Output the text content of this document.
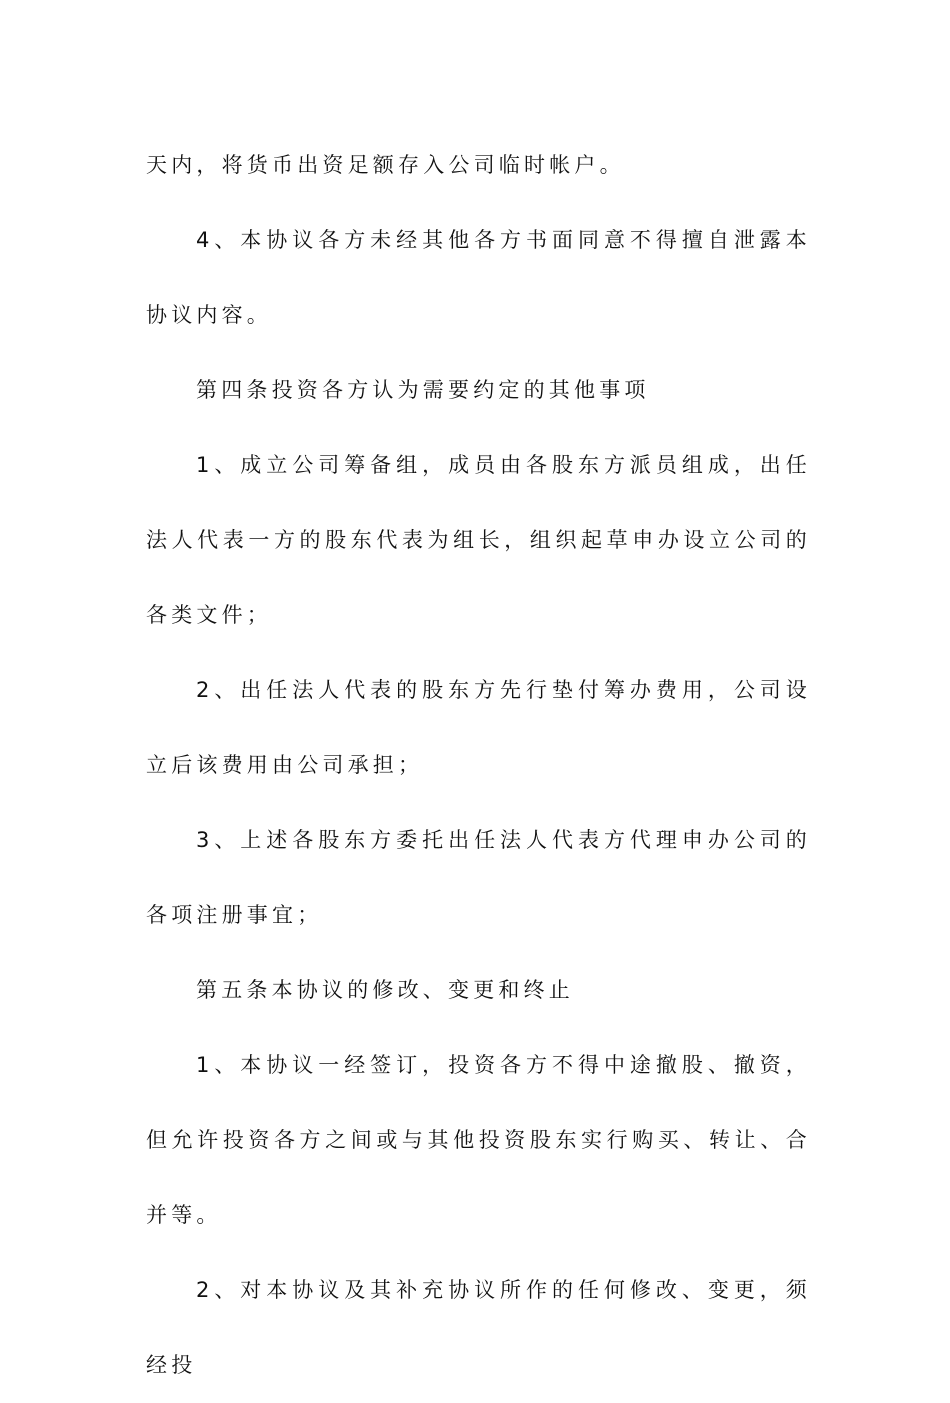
天内，将货币出资足额存入公司临时帐户。

4、本协议各方未经其他各方书面同意不得擅自泄露本协议内容。

第四条投资各方认为需要约定的其他事项

1、成立公司筹备组，成员由各股东方派员组成，出任法人代表一方的股东代表为组长，组织起草申办设立公司的各类文件；

2、出任法人代表的股东方先行垫付筹办费用，公司设立后该费用由公司承担；

3、上述各股东方委托出任法人代表方代理申办公司的各项注册事宜；

第五条本协议的修改、变更和终止

1、本协议一经签订，投资各方不得中途撤股、撤资，但允许投资各方之间或与其他投资股东实行购买、转让、合并等。

2、对本协议及其补充协议所作的任何修改、变更，须经投
